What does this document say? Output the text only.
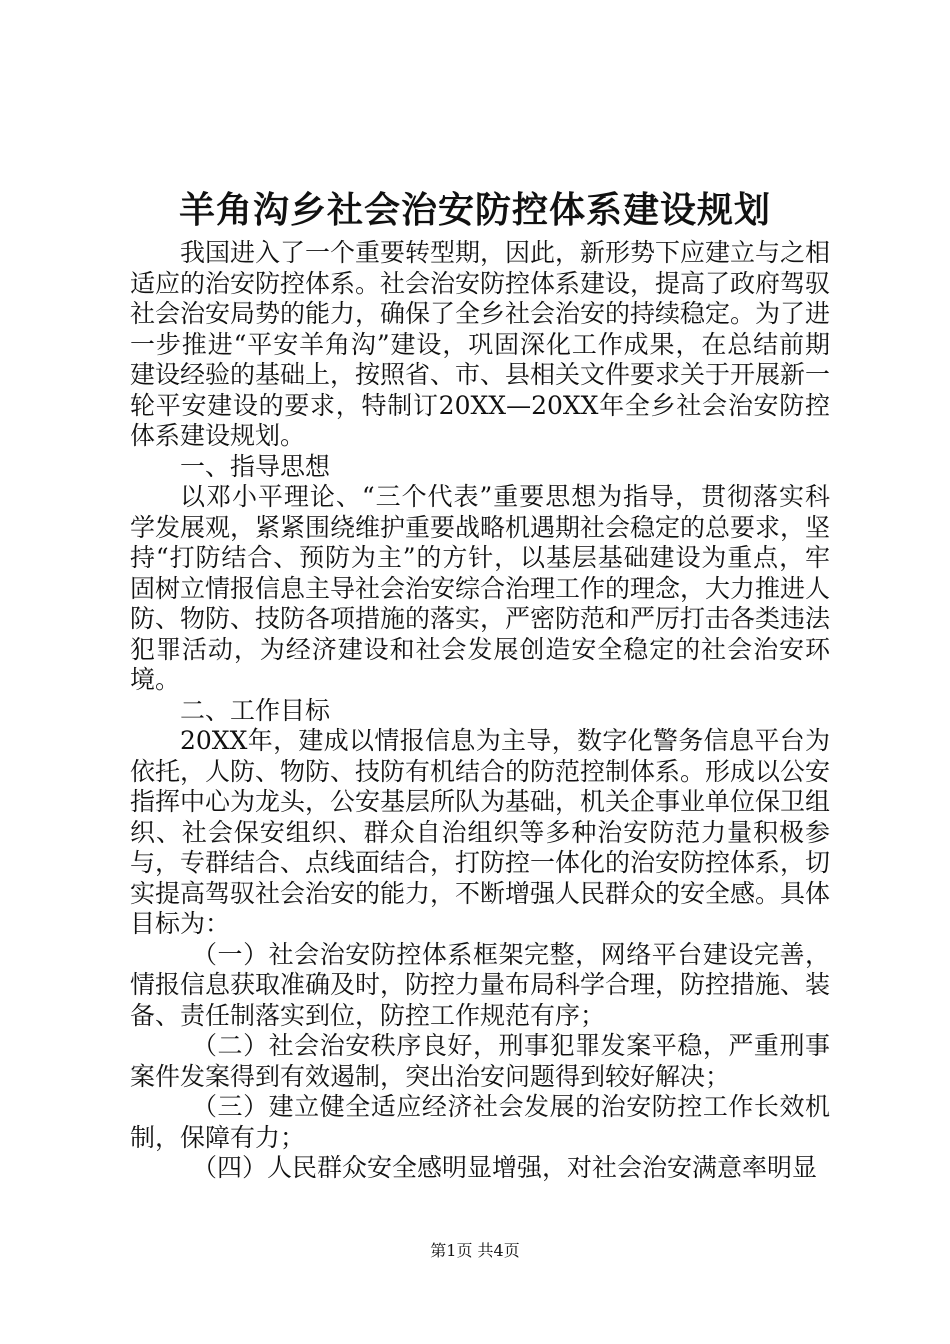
羊角沟乡社会治安防控体系建设规划

我国进入了一个重要转型期，因此，新形势下应建立与之相适应的治安防控体系。社会治安防控体系建设，提高了政府驾驭社会治安局势的能力，确保了全乡社会治安的持续稳定。为了进一步推进“平安羊角沟”建设，巩固深化工作成果，在总结前期建设经验的基础上，按照省、市、县相关文件要求关于开展新一轮平安建设的要求，特制订20XX—20XX年全乡社会治安防控体系建设规划。

一、指导思想

以邓小平理论、“三个代表”重要思想为指导，贯彻落实科学发展观，紧紧围绕维护重要战略机遇期社会稳定的总要求，坚持“打防结合、预防为主”的方针，以基层基础建设为重点，牢固树立情报信息主导社会治安综合治理工作的理念，大力推进人防、物防、技防各项措施的落实，严密防范和严厉打击各类违法犯罪活动，为经济建设和社会发展创造安全稳定的社会治安环境。

二、工作目标

20XX年，建成以情报信息为主导，数字化警务信息平台为依托，人防、物防、技防有机结合的防范控制体系。形成以公安指挥中心为龙头，公安基层所队为基础，机关企事业单位保卫组织、社会保安组织、群众自治组织等多种治安防范力量积极参与，专群结合、点线面结合，打防控一体化的治安防控体系，切实提高驾驭社会治安的能力，不断增强人民群众的安全感。具体目标为：

（一）社会治安防控体系框架完整，网络平台建设完善，情报信息获取准确及时，防控力量布局科学合理，防控措施、装备、责任制落实到位，防控工作规范有序；

（二）社会治安秩序良好，刑事犯罪发案平稳，严重刑事案件发案得到有效遏制，突出治安问题得到较好解决；

（三）建立健全适应经济社会发展的治安防控工作长效机制，保障有力；

（四）人民群众安全感明显增强，对社会治安满意率明显

第1页 共4页
